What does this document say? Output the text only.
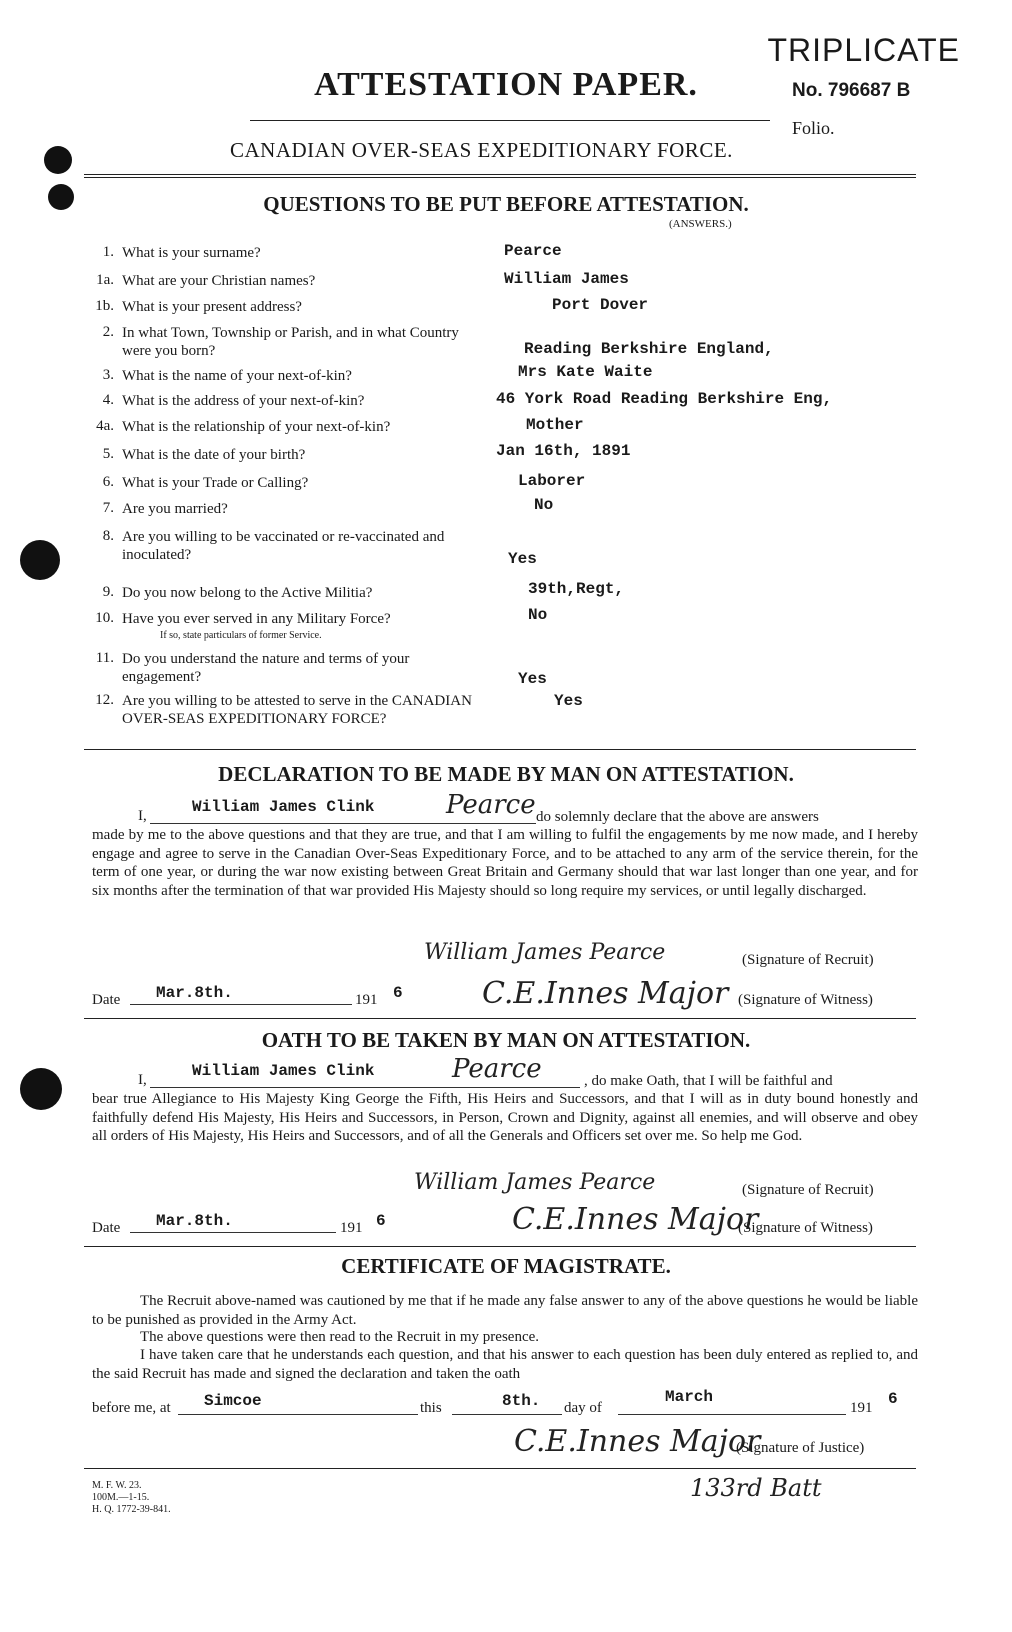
TRIPLICATE
No. 796687 B
Folio.
ATTESTATION PAPER.
CANADIAN OVER-SEAS EXPEDITIONARY FORCE.
QUESTIONS TO BE PUT BEFORE ATTESTATION.
(ANSWERS.)
1. What is your surname?	Pearce
1a. What are your Christian names?	William James
1b. What is your present address?	Port Dover
2. In what Town, Township or Parish, and in what Country were you born?	Reading Berkshire England,
3. What is the name of your next-of-kin?	Mrs Kate Waite
4. What is the address of your next-of-kin?	46 York Road Reading Berkshire Eng,
4a. What is the relationship of your next-of-kin?	Mother
5. What is the date of your birth?	Jan 16th, 1891
6. What is your Trade or Calling?	Laborer
7. Are you married?	No
8. Are you willing to be vaccinated or re-vaccinated and inoculated?	Yes
9. Do you now belong to the Active Militia?	39th,Regt,
10. Have you ever served in any Military Force?
If so, state particulars of former Service.
No
11. Do you understand the nature and terms of your engagement?	Yes
12. Are you willing to be attested to serve in the CANADIAN OVER-SEAS EXPEDITIONARY FORCE?
Yes
DECLARATION TO BE MADE BY MAN ON ATTESTATION.
I,	William James Clink	Pearce do solemnly declare that the above are answers
made by me to the above questions and that they are true, and that I am willing to fulfil the engagements by me now made, and I hereby engage and agree to serve in the Canadian Over-Seas Expeditionary Force, and to be attached to any arm of the service therein, for the term of one year, or during the war now existing between Great Britain and Germany should that war last longer than one year, and for six months after the termination of that war provided His Majesty should so long require my services, or until legally discharged.
William James Pearce	(Signature of Recruit)
Date Mar.8th.	191 6	C.E.Innes Major (Signature of Witness)
OATH TO BE TAKEN BY MAN ON ATTESTATION.
I,	William James Clink	Pearce	, do make Oath, that I will be faithful and
bear true Allegiance to His Majesty King George the Fifth, His Heirs and Successors, and that I will as in duty bound honestly and faithfully defend His Majesty, His Heirs and Successors, in Person, Crown and Dignity, against all enemies, and will observe and obey all orders of His Majesty, His Heirs and Successors, and of all the Generals and Officers set over me. So help me God.
William James Pearce	(Signature of Recruit)
Date Mar.8th.	191 6	C.E.Innes Major
(Signature of Witness)
CERTIFICATE OF MAGISTRATE.
The Recruit above-named was cautioned by me that if he made any false answer to any of the above questions he would be liable to be punished as provided in the Army Act.
The above questions were then read to the Recruit in my presence.
I have taken care that he understands each question, and that his answer to each question has been duly entered as replied to, and the said Recruit has made and signed the declaration and taken the oath
before me, at Simcoe	this	8th. day of
March
191 6
C.E.Innes Major
(Signature of Justice)
133rd Batt
M. F. W. 23.
100M.—1-15.
H. Q. 1772-39-841.
